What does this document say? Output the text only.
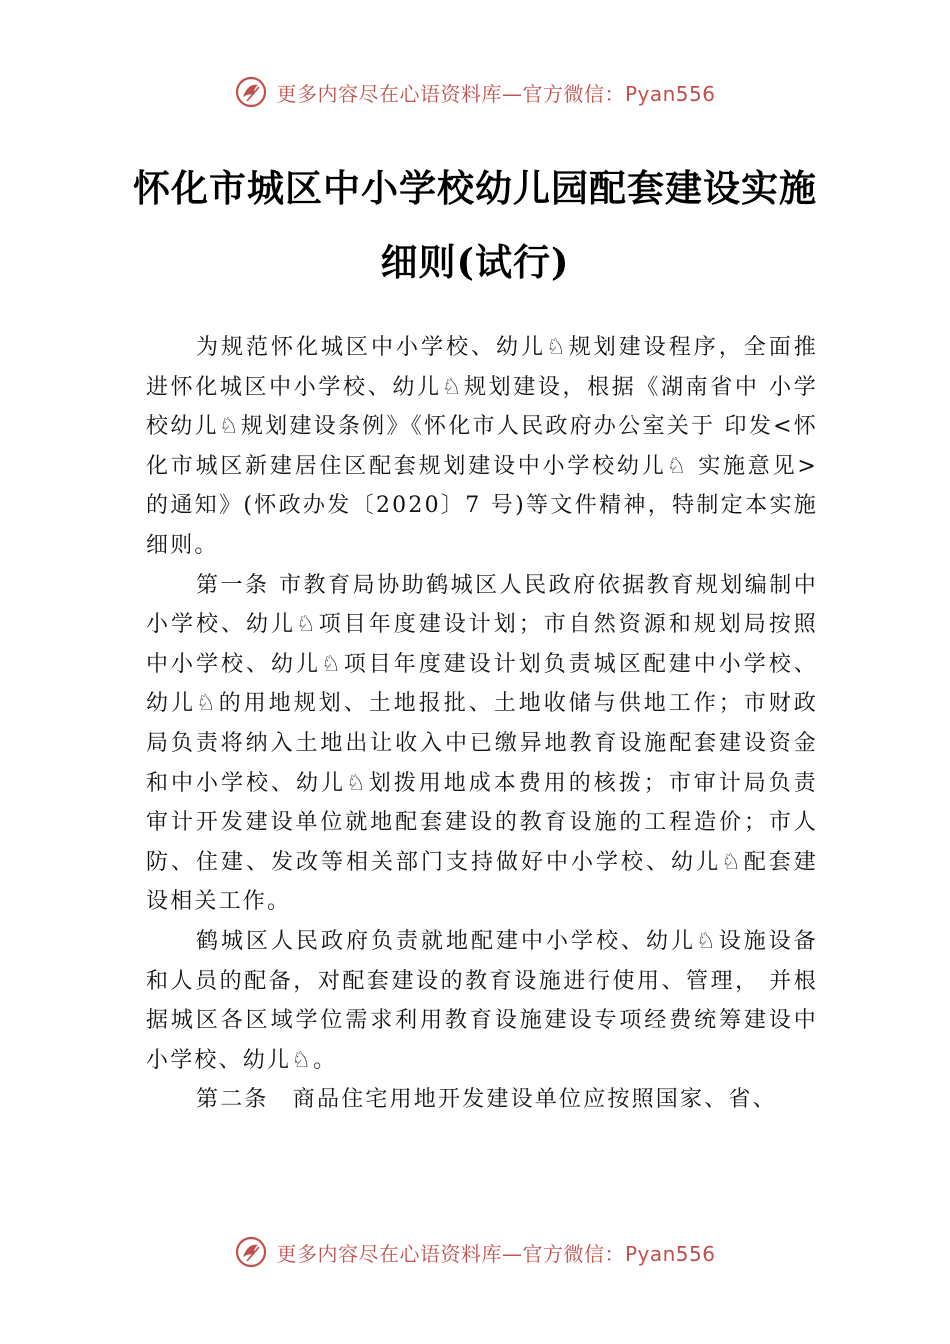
更多内容尽在心语资料库—官方微信：Pyan556
怀化市城区中小学校幼儿园配套建设实施
细则(试行)

为规范怀化城区中小学校、幼儿♘规划建设程序，全面推进怀化城区中小学校、幼儿♘规划建设，根据《湖南省中 小学校幼儿♘规划建设条例》《怀化市人民政府办公室关于 印发<怀化市城区新建居住区配套规划建设中小学校幼儿♘ 实施意见>的通知》(怀政办发〔2020〕7 号)等文件精神，特制定本实施细则。

第一条 市教育局协助鹤城区人民政府依据教育规划编制中小学校、幼儿♘项目年度建设计划；市自然资源和规划局按照中小学校、幼儿♘项目年度建设计划负责城区配建中小学校、幼儿♘的用地规划、土地报批、土地收储与供地工作；市财政局负责将纳入土地出让收入中已缴异地教育设施配套建设资金和中小学校、幼儿♘划拨用地成本费用的核拨；市审计局负责审计开发建设单位就地配套建设的教育设施的工程造价；市人防、住建、发改等相关部门支持做好中小学校、幼儿♘配套建设相关工作。

鹤城区人民政府负责就地配建中小学校、幼儿♘设施设备和人员的配备，对配套建设的教育设施进行使用、管理， 并根据城区各区域学位需求利用教育设施建设专项经费统筹建设中小学校、幼儿♘。

第二条　商品住宅用地开发建设单位应按照国家、省、

更多内容尽在心语资料库—官方微信：Pyan556
